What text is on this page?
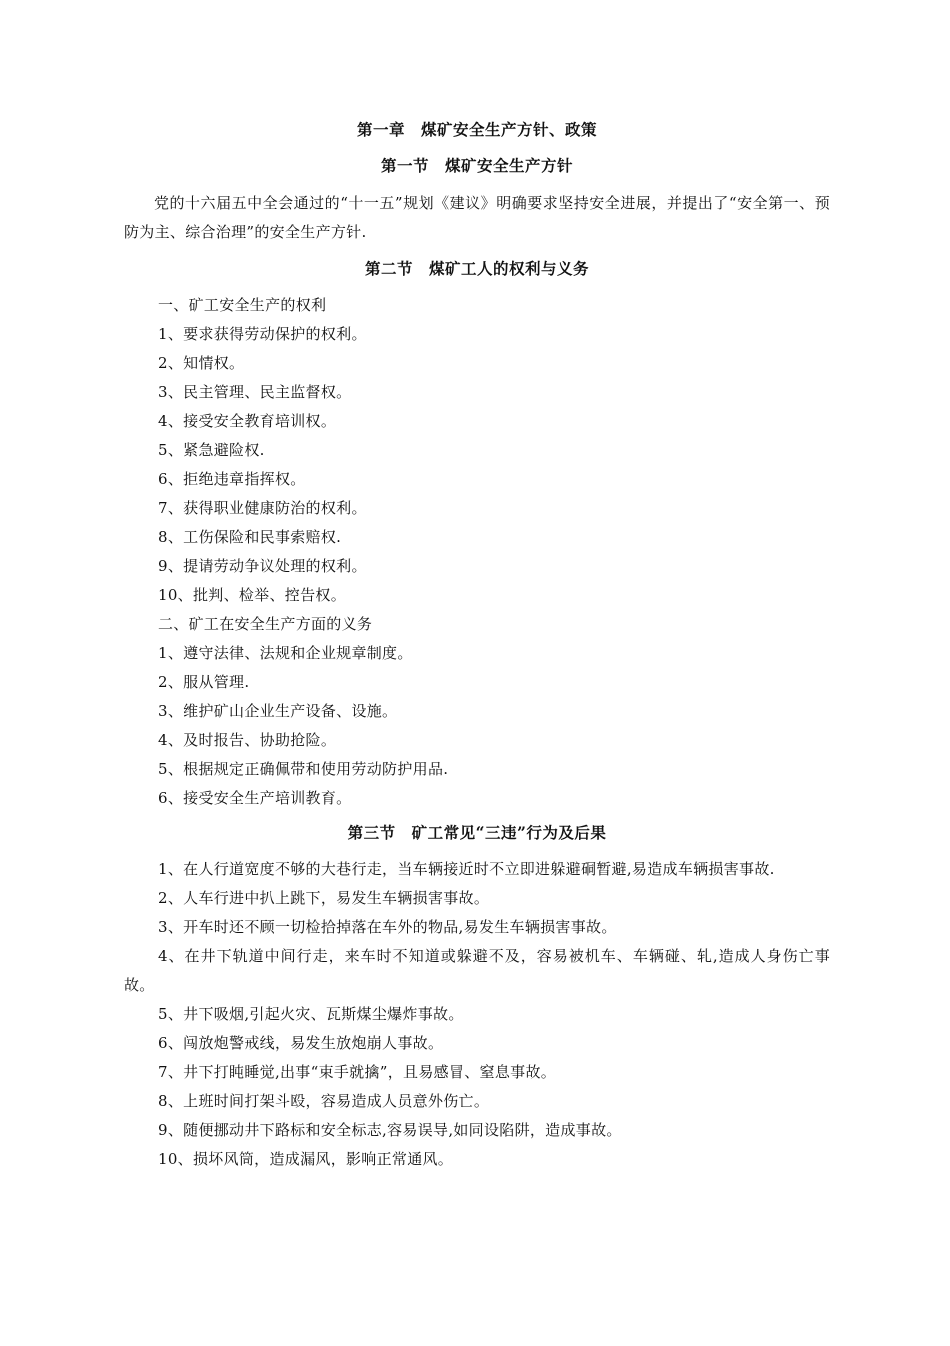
第一章　煤矿安全生产方针、政策
第一节　煤矿安全生产方针
党的十六届五中全会通过的“十一五”规划《建议》明确要求坚持安全进展，并提出了“安全第一、预防为主、综合治理”的安全生产方针.
第二节　煤矿工人的权利与义务
一、矿工安全生产的权利
1、要求获得劳动保护的权利。
2、知情权。
3、民主管理、民主监督权。
4、接受安全教育培训权。
5、紧急避险权.
6、拒绝违章指挥权。
7、获得职业健康防治的权利。
8、工伤保险和民事索赔权.
9、提请劳动争议处理的权利。
10、批判、检举、控告权。
二、矿工在安全生产方面的义务
1、遵守法律、法规和企业规章制度。
2、服从管理.
3、维护矿山企业生产设备、设施。
4、及时报告、协助抢险。
5、根据规定正确佩带和使用劳动防护用品.
6、接受安全生产培训教育。
第三节　矿工常见“三违”行为及后果
1、在人行道宽度不够的大巷行走，当车辆接近时不立即进躲避硐暂避,易造成车辆损害事故.
2、人车行进中扒上跳下，易发生车辆损害事故。
3、开车时还不顾一切检拾掉落在车外的物品,易发生车辆损害事故。
4、在井下轨道中间行走，来车时不知道或躲避不及，容易被机车、车辆碰、轧,造成人身伤亡事故。
5、井下吸烟,引起火灾、瓦斯煤尘爆炸事故。
6、闯放炮警戒线，易发生放炮崩人事故。
7、井下打盹睡觉,出事“束手就擒”，且易感冒、窒息事故。
8、上班时间打架斗殴，容易造成人员意外伤亡。
9、随便挪动井下路标和安全标志,容易误导,如同设陷阱，造成事故。
10、损坏风筒，造成漏风，影响正常通风。
